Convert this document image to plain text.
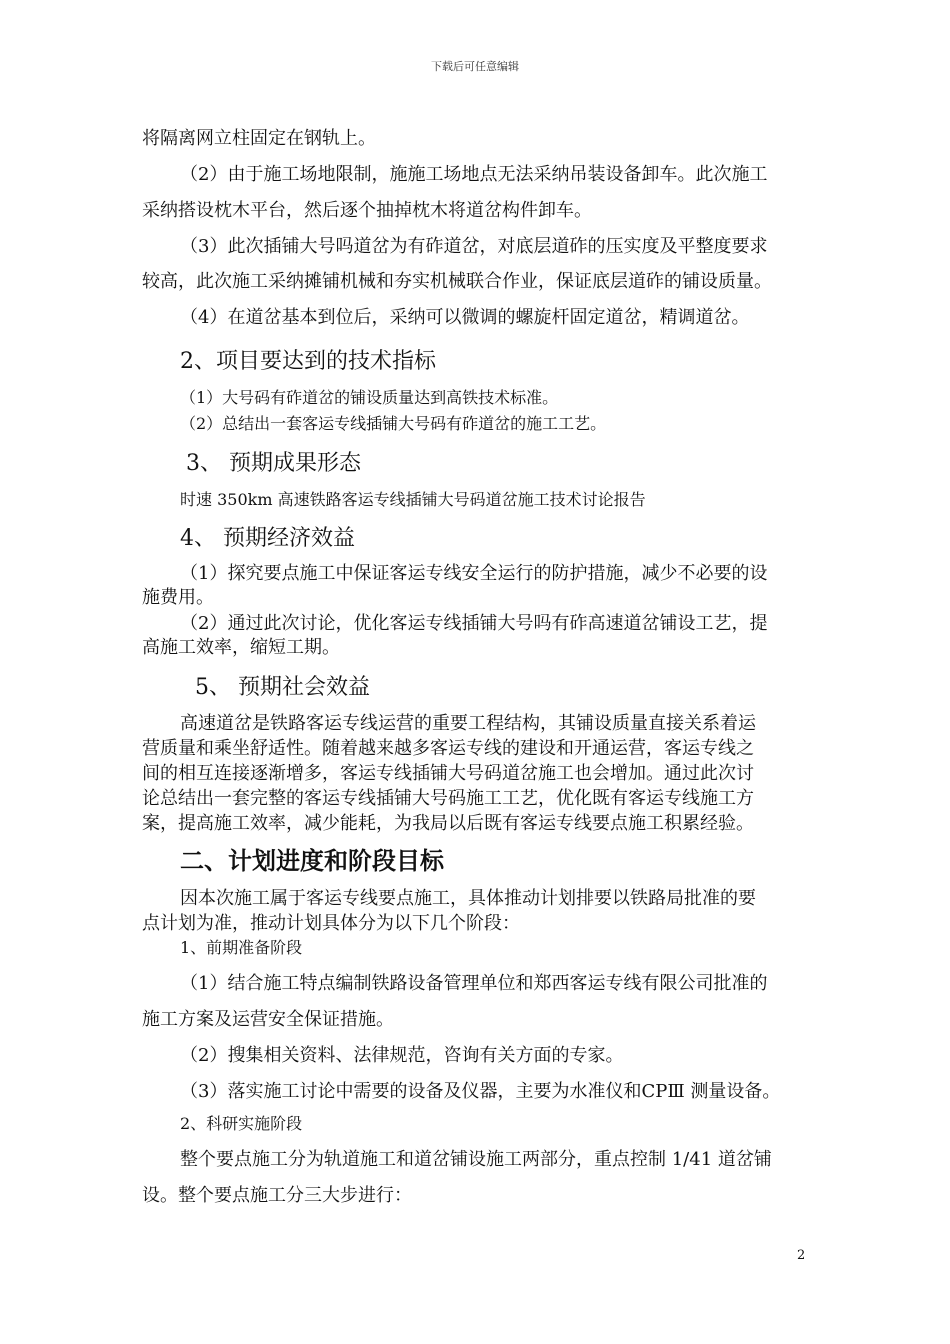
下载后可任意编辑
将隔离网立柱固定在钢轨上。
（2）由于施工场地限制，施施工场地点无法采纳吊装设备卸车。此次施工
采纳搭设枕木平台，然后逐个抽掉枕木将道岔构件卸车。
（3）此次插铺大号吗道岔为有砟道岔，对底层道砟的压实度及平整度要求
较高，此次施工采纳摊铺机械和夯实机械联合作业，保证底层道砟的铺设质量。
（4）在道岔基本到位后，采纳可以微调的螺旋杆固定道岔，精调道岔。
2、项目要达到的技术指标
（1）大号码有砟道岔的铺设质量达到高铁技术标准。
（2）总结出一套客运专线插铺大号码有砟道岔的施工工艺。
3、 预期成果形态
时速 350km 高速铁路客运专线插铺大号码道岔施工技术讨论报告
4、 预期经济效益
（1）探究要点施工中保证客运专线安全运行的防护措施，减少不必要的设
施费用。
（2）通过此次讨论，优化客运专线插铺大号吗有砟高速道岔铺设工艺，提
高施工效率，缩短工期。
5、 预期社会效益
高速道岔是铁路客运专线运营的重要工程结构，其铺设质量直接关系着运
营质量和乘坐舒适性。随着越来越多客运专线的建设和开通运营，客运专线之
间的相互连接逐渐增多，客运专线插铺大号码道岔施工也会增加。通过此次讨
论总结出一套完整的客运专线插铺大号码施工工艺，优化既有客运专线施工方
案，提高施工效率，减少能耗，为我局以后既有客运专线要点施工积累经验。
二、计划进度和阶段目标
因本次施工属于客运专线要点施工，具体推动计划排要以铁路局批准的要
点计划为准，推动计划具体分为以下几个阶段：
1、前期准备阶段
（1）结合施工特点编制铁路设备管理单位和郑西客运专线有限公司批准的
施工方案及运营安全保证措施。
（2）搜集相关资料、法律规范，咨询有关方面的专家。
（3）落实施工讨论中需要的设备及仪器，主要为水准仪和CPⅢ 测量设备。
2、科研实施阶段
整个要点施工分为轨道施工和道岔铺设施工两部分，重点控制 1/41 道岔铺
设。整个要点施工分三大步进行：
2
